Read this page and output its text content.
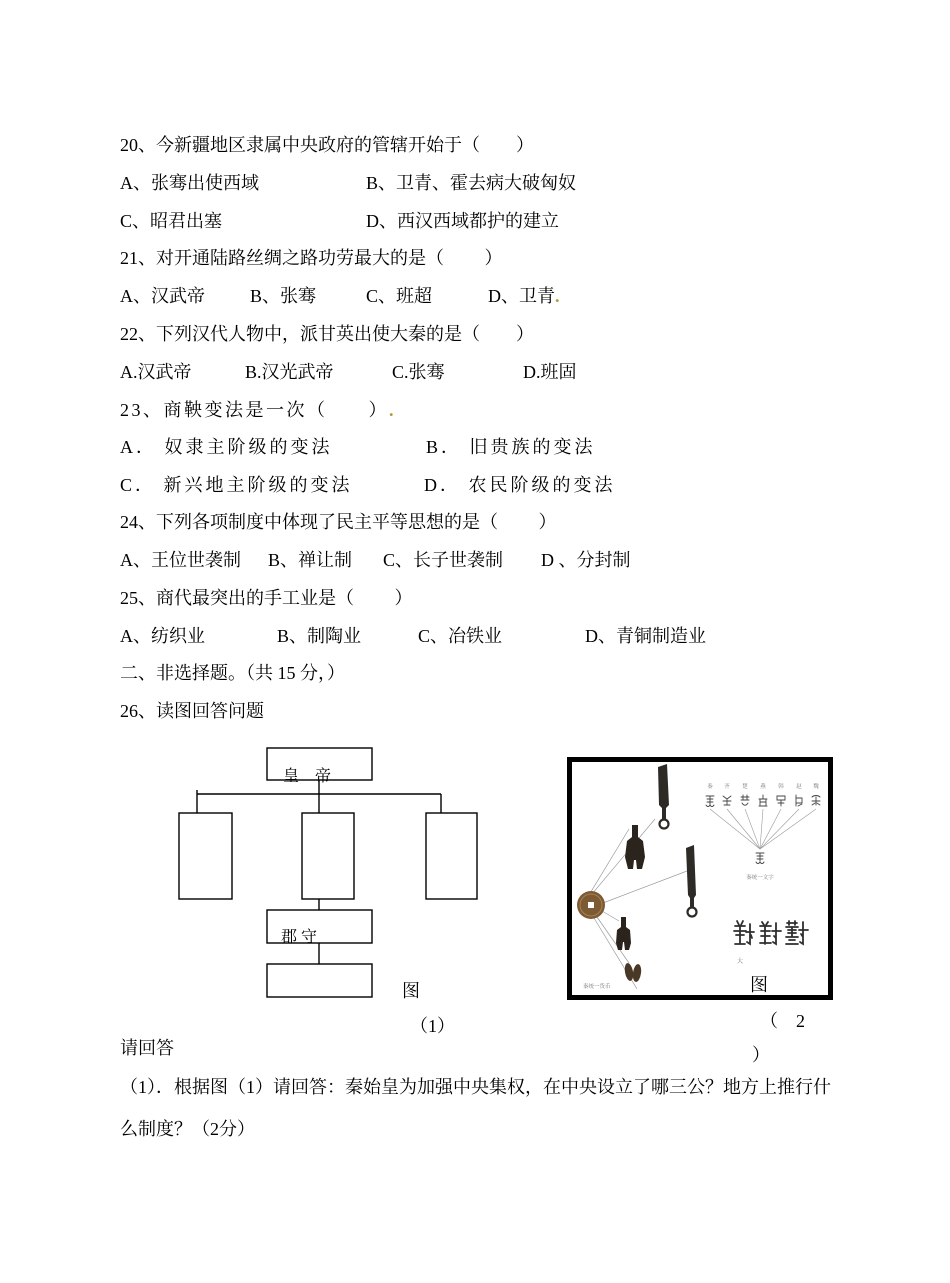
20、今新疆地区隶属中央政府的管辖开始于（　　）
A、张骞出使西域	B、卫青、霍去病大破匈奴
C、昭君出塞	D、西汉西域都护的建立
21、对开通陆路丝绸之路功劳最大的是（　　 ）
A、汉武帝	B、张骞	C、班超	D、卫青.
22、下列汉代人物中，派甘英出使大秦的是（　　）
A.汉武帝	B.汉光武帝	C.张骞	D.班固
23、商鞅变法是一次（　　）.
A． 奴隶主阶级的变法	B． 旧贵族的变法
C． 新兴地主阶级的变法	D． 农民阶级的变法
24、下列各项制度中体现了民主平等思想的是（　　 ）
A、王位世袭制 B、禅让制 C、长子世袭制 D 、分封制
25、商代最突出的手工业是（　　 ）
A、纺织业	B、制陶业	C、冶铁业	D、青铜制造业
二、非选择题。（共 15 分，）
26、读图回答问题
皇　帝
郡 守
图
（1）
秦 齐 楚 燕 韩 赵 魏
秦统一文字
大
秦统一货币	图
（　2
）
请回答
（1）．根据图（1）请回答：秦始皇为加强中央集权，在中央设立了哪三公？地方上推行什
么制度？（2分）
